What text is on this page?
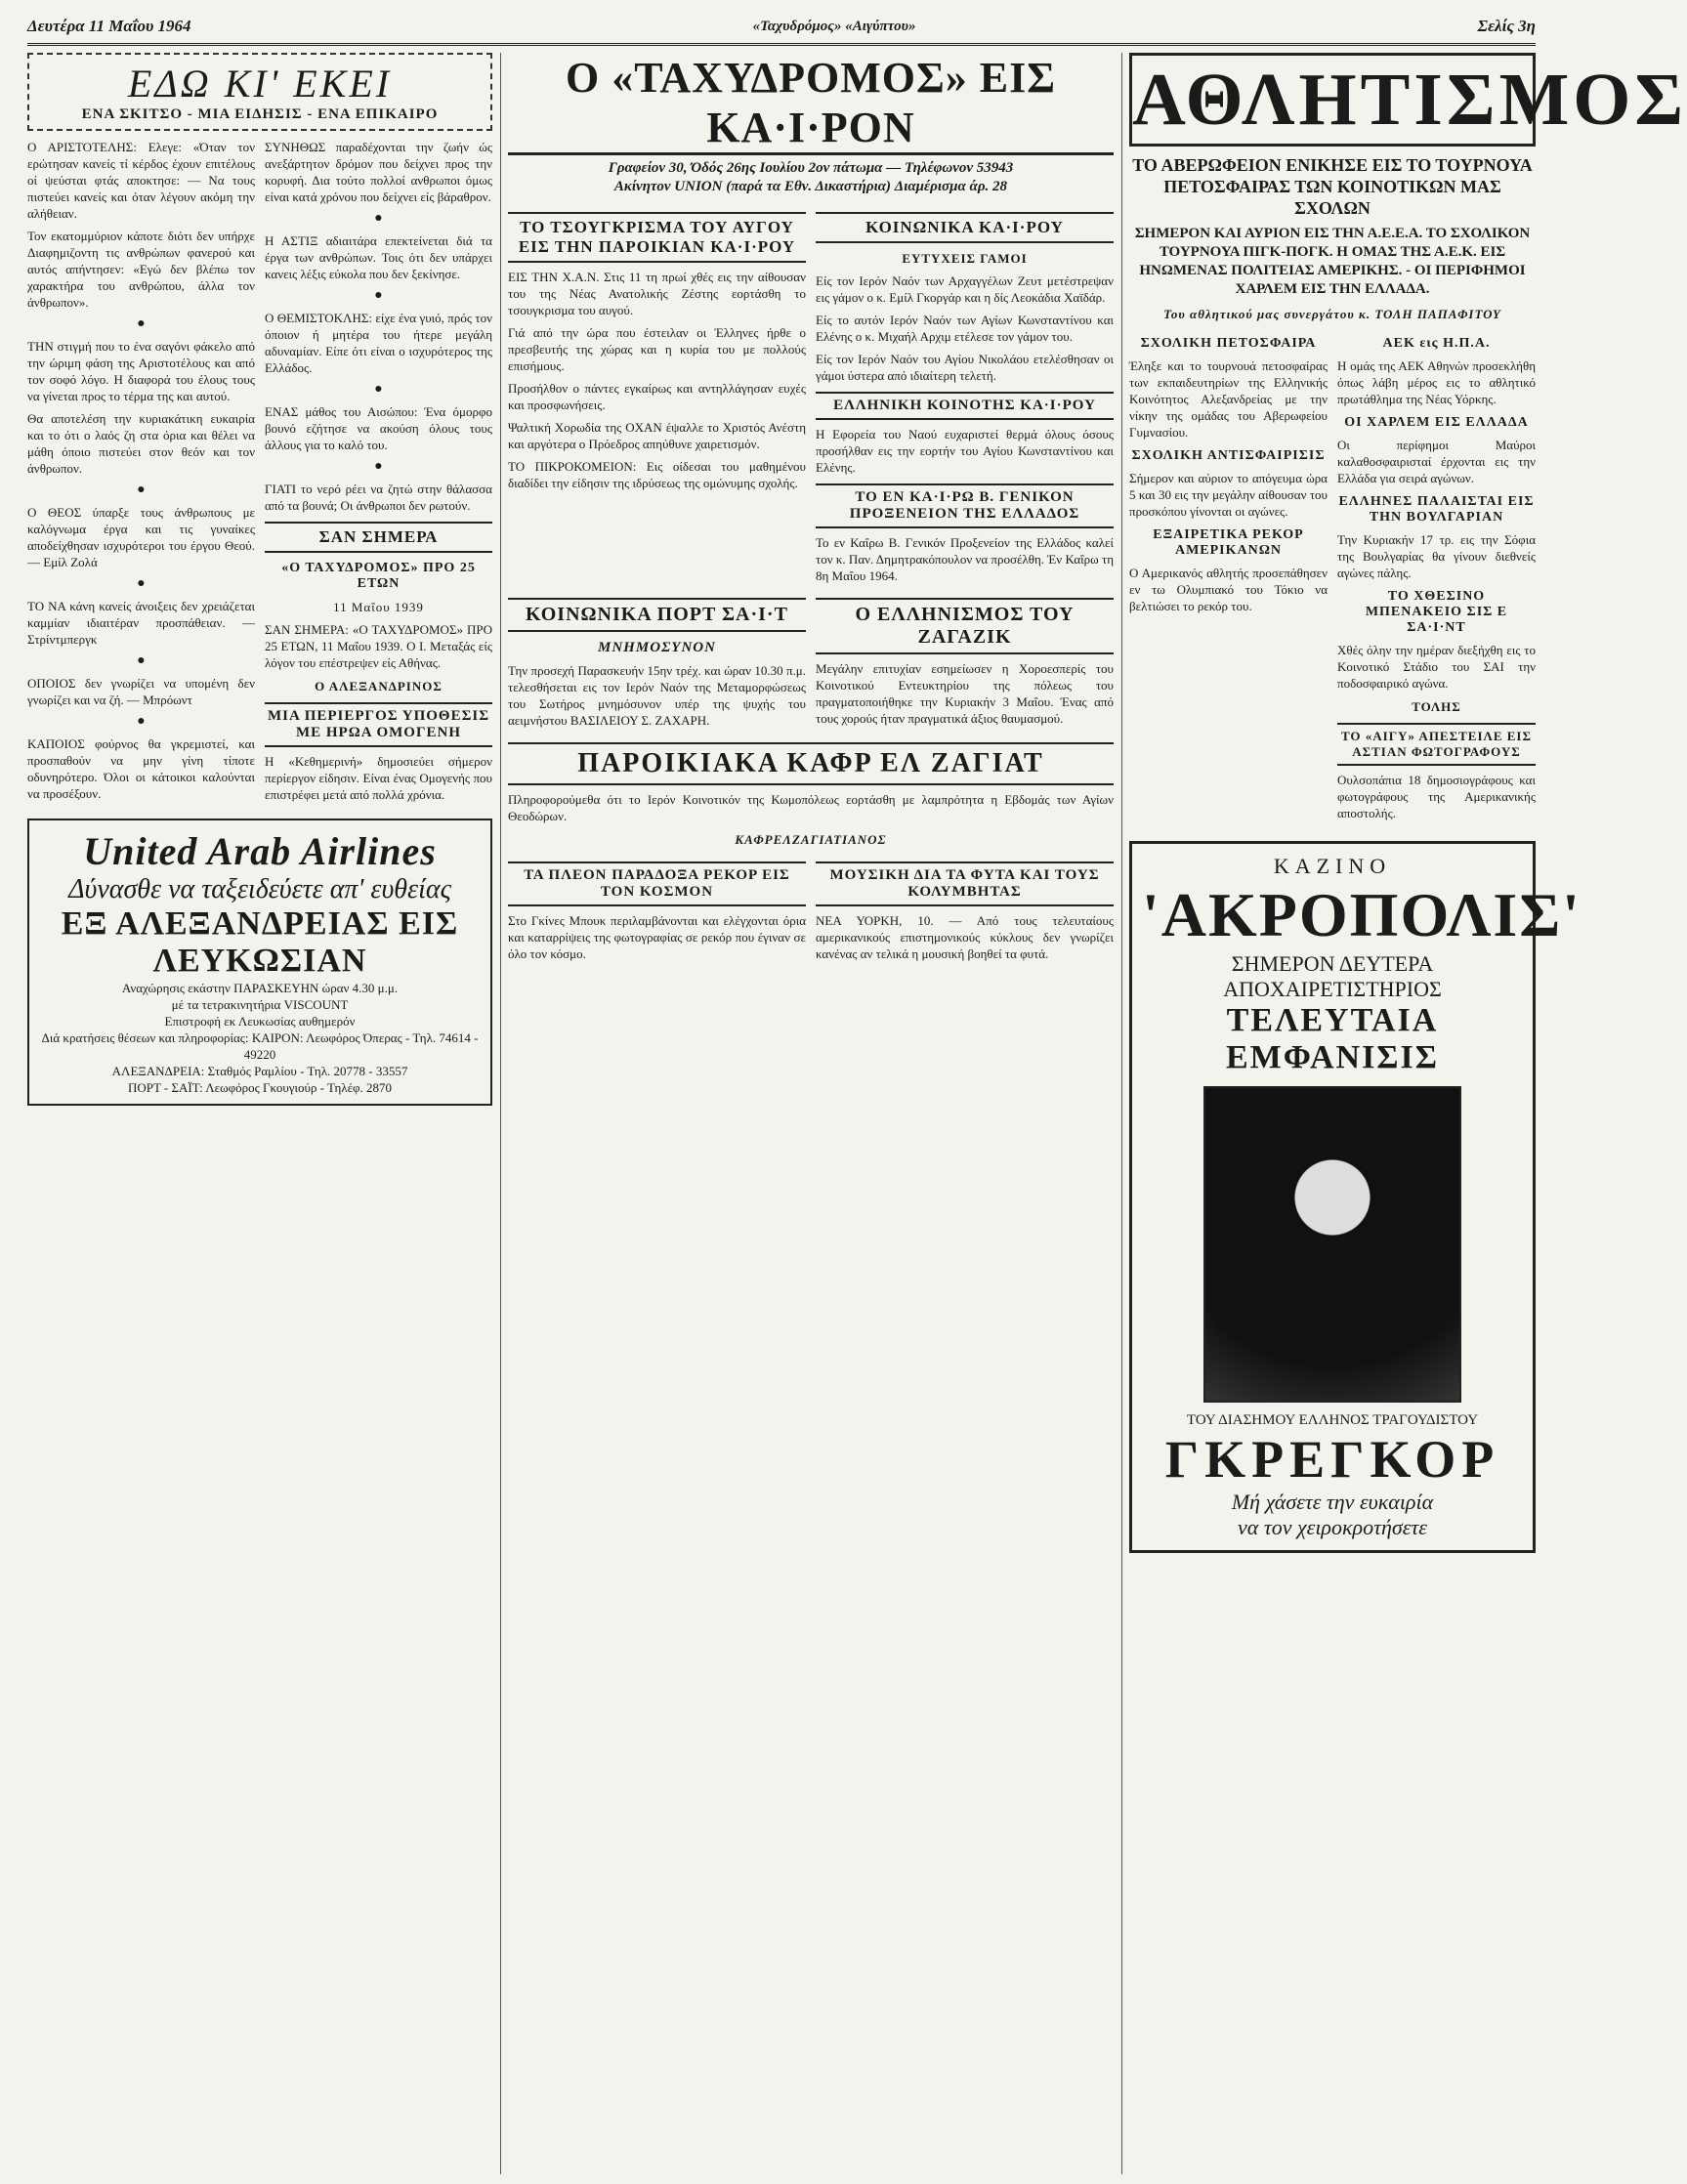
Δευτέρα 11 Μαΐου 1964	«Ταχυδρόμος» «Αιγύπτου»	Σελίς 3η
ΕΔΩ ΚΙ' ΕΚΕΙ
ΕΝΑ ΣΚΙΤΣΟ - ΜΙΑ ΕΙΔΗΣΙΣ - ΕΝΑ ΕΠΙΚΑΙΡΟ

Ο ΑΡΙΣΤΟΤΕΛΗΣ: Ελεγε: «Όταν τον ερώτησαν κανείς τί κέρδος έχουν επιτέλους οί ψεύσται φτάς αποκτησε: — Να τους πιστεύει κανείς και όταν λέγουν ακόμη την αλήθειαν.

Τον εκατομμύριον κάποτε διότι δεν υπήρχε Διαφημιζοντη τις ανθρώπων φανερού και αυτός απήντησεν: «Εγώ δεν βλέπω τον χαρακτήρα του ανθρώπου, άλλα τον άνθρωπον».

●

ΤΗΝ στιγμή που το ένα σαγόνι φάκελο από την ώριμη φάση της Αριστοτέλους και από τον σοφό λόγο. Η διαφορά του έλους τους να γίνεται προς το τέρμα της και αυτού.

Θα αποτελέση την κυριακάτικη ευκαιρία και το ότι ο λαός ζη στα όρια και θέλει να μάθη όποιο πιστεύει στον θεόν και τον άνθρωπον.

●

Ο ΘΕΟΣ ύπαρξε τους άνθρωπους με καλόγνωμα έργα και τις γυναίκες αποδείχθησαν ισχυρότεροι του έργου Θεού. — Εμίλ Ζολά

●

ΤΟ ΝΑ κάνη κανείς άνοιξεις δεν χρειάζεται καμμίαν ιδιαιτέραν προσπάθειαν. — Στρίντμπεργκ

●

ΟΠΟΙΟΣ δεν γνωρίζει να υπομένη δεν γνωρίζει και να ζή. — Μπρόωντ

●

ΚΑΠΟΙΟΣ φούρνος θα γκρεμιστεί, και προσπαθούν να μην γίνη τίποτε οδυνηρότερο. Όλοι οι κάτοικοι καλούνται να προσέξουν.

ΣΥΝΗΘΩΣ παραδέχονται την ζωήν ώς ανεξάρτητον δρόμον που δείχνει προς την κορυφή. Δια τούτο πολλοί ανθρωποι όμως είναι κατά χρόνου που δείχνει είς βάραθρον.

●

Η ΑΣΤΙΞ αδιαιτάρα επεκτείνεται διά τα έργα των ανθρώπων. Τοις ότι δεν υπάρχει κανεις λέξις εύκολα που δεν ξεκίνησε.

●

Ο ΘΕΜΙΣΤΟΚΛΗΣ: είχε ένα γυιό, πρός τον όποιον ή μητέρα του ήτερε μεγάλη αδυναμίαν. Είπε ότι είναι ο ισχυρότερος της Ελλάδος.

●

ΕΝΑΣ μάθος του Αισώπου: Ένα όμορφο βουνό εζήτησε να ακούση όλους τους άλλους για το καλό του.

●

ΓΙΑΤΙ το νερό ρέει να ζητώ στην θάλασσα από τα βουνά; Οι άνθρωποι δεν ρωτούν.

ΣΑΝ ΣΗΜΕΡΑ
«Ο ΤΑΧΥΔΡΟΜΟΣ» ΠΡΟ 25 ΕΤΩΝ
11 Μαΐου 1939

ΣΑΝ ΣΗΜΕΡΑ: «Ο ΤΑΧΥΔΡΟΜΟΣ» ΠΡΟ 25 ΕΤΩΝ, 11 Μαΐου 1939. Ο Ι. Μεταξάς είς λόγον του επέστρεψεν είς Αθήνας.

Ο ΑΛΕΞΑΝΔΡΙΝΟΣ
ΜΙΑ ΠΕΡΙΕΡΓΟΣ ΥΠΟΘΕΣΙΣ ΜΕ ΗΡΩΑ ΟΜΟΓΕΝΗ

Η «Κεθημερινή» δημοσιεύει σήμερον περίεργον είδησιν. Είναι ένας Ομογενής που επιστρέφει μετά από πολλά χρόνια.

United Arab Airlines
Δύνασθε να ταξειδεύετε απ' ευθείας
ΕΞ ΑΛΕΞΑΝΔΡΕΙΑΣ ΕΙΣ ΛΕΥΚΩΣΙΑΝ
Αναχώρησις εκάστην ΠΑΡΑΣΚΕΥΗΝ ώραν 4.30 μ.μ.
μέ τα τετρακινητήρια VISCOUNT
Επιστροφή εκ Λευκωσίας αυθημερόν
Διά κρατήσεις θέσεων και πληροφορίας: ΚΑΙΡΟΝ: Λεωφόρος Όπερας - Τηλ. 74614 - 49220
ΑΛΕΞΑΝΔΡΕΙΑ: Σταθμός Ραμλίου - Τηλ. 20778 - 33557
ΠΟΡΤ - ΣΑΪΤ: Λεωφόρος Γκουγιούρ - Τηλέφ. 2870
Ο «ΤΑΧΥΔΡΟΜΟΣ» ΕΙΣ ΚΑ·Ι·ΡΟΝ
Γραφείον 30, Όδός 26ης Ιουλίου 2ον πάτωμα — Τηλέφωνον 53943
Ακίνητον UNION (παρά τα Εθν. Δικαστήρια) Διαμέρισμα άρ. 28
ΤΟ ΤΣΟΥΓΚΡΙΣΜΑ ΤΟΥ ΑΥΓΟΥ ΕΙΣ ΤΗΝ ΠΑΡΟΙΚΙΑΝ ΚΑ·Ι·ΡΟΥ

ΕΙΣ ΤΗΝ Χ.Α.Ν. Στις 11 τη πρωί χθές εις την αίθουσαν του της Νέας Ανατολικής Ζέστης εορτάσθη το τσουγκρισμα του αυγού.

Γιά από την ώρα που έστειλαν οι Έλληνες ήρθε ο πρεσβευτής της χώρας και η κυρία του με πολλούς επισήμους.

Προσήλθον ο πάντες εγκαίρως και αντηλλάγησαν ευχές και προσφωνήσεις.

Ψαλτική Χορωδία της ΟΧΑΝ έψαλλε το Χριστός Ανέστη και αργότερα ο Πρόεδρος απηύθυνε χαιρετισμόν.

ΤΟ ΠΙΚΡΟΚΟΜΕΙΟΝ: Εις οίδεσαι του μαθημένου διαδίδει την είδησιν της ιδρύσεως της ομώνυμης σχολής.

ΚΟΙΝΩΝΙΚΑ ΚΑ·Ι·ΡΟΥ
ΕΥΤΥΧΕΙΣ ΓΑΜΟΙ

Είς τον Ιερόν Ναόν των Αρχαγγέλων Ζευτ μετέστρεψαν εις γάμον ο κ. Εμίλ Γκοργάρ και η δίς Λεοκάδια Χαϊδάρ.

Είς το αυτόν Ιερόν Ναόν των Αγίων Κωνσταντίνου και Ελένης ο κ. Μιχαήλ Αρχιμ ετέλεσε τον γάμον του.

Είς τον Ιερόν Ναόν του Αγίου Νικολάου ετελέσθησαν οι γάμοι ύστερα από ιδιαίτερη τελετή.

ΕΛΛΗΝΙΚΗ ΚΟΙΝΟΤΗΣ ΚΑ·Ι·ΡΟΥ

Η Εφορεία του Ναού ευχαριστεί θερμά όλους όσους προσήλθαν εις την εορτήν του Αγίου Κωνσταντίνου και Ελένης.

ΤΟ ΕΝ ΚΑ·Ι·ΡΩ Β. ΓΕΝΙΚΟΝ ΠΡΟΞΕΝΕΙΟΝ ΤΗΣ ΕΛΛΑΔΟΣ

Το εν Καΐρω Β. Γενικόν Προξενείον της Ελλάδος καλεί τον κ. Παν. Δημητρακόπουλον να προσέλθη. Έν Καΐρω τη 8η Μαΐου 1964.

ΚΟΙΝΩΝΙΚΑ ΠΟΡΤ ΣΑ·Ι·Τ
ΜΝΗΜΟΣΥΝΟΝ

Την προσεχή Παρασκευήν 15ην τρέχ. και ώραν 10.30 π.μ. τελεσθήσεται εις τον Ιερόν Ναόν της Μεταμορφώσεως του Σωτήρος μνημόσυνον υπέρ της ψυχής του αειμνήστου ΒΑΣΙΛΕΙΟΥ Σ. ΖΑΧΑΡΗ.

Ο ΕΛΛΗΝΙΣΜΟΣ ΤΟΥ ΖΑΓΑΖΙΚ

Μεγάλην επιτυχίαν εσημείωσεν η Χοροεσπερίς του Κοινοτικού Εντευκτηρίου της πόλεως του πραγματοποιήθηκε την Κυριακήν 3 Μαΐου. Ένας από τους χορούς ήταν πραγματικά άξιος θαυμασμού.

ΠΑΡΟΙΚΙΑΚΑ ΚΑΦΡ ΕΛ ΖΑΓΙΑΤ

Πληροφορούμεθα ότι το Ιερόν Κοινοτικόν της Κωμοπόλεως εορτάσθη με λαμπρότητα η Εβδομάς των Αγίων Θεοδώρων.

ΚΑΦΡΕΛΖΑΓΙΑΤΙΑΝΟΣ
ΤΑ ΠΛΕΟΝ ΠΑΡΑΔΟΞΑ ΡΕΚΟΡ ΕΙΣ ΤΟΝ ΚΟΣΜΟΝ

Στο Γκίνες Μπουκ περιλαμβάνονται και ελέγχονται όρια και καταρρίψεις της φωτογραφίας σε ρεκόρ που έγιναν σε όλο τον κόσμο.

ΜΟΥΣΙΚΗ ΔΙΑ ΤΑ ΦΥΤΑ ΚΑΙ ΤΟΥΣ ΚΟΛΥΜΒΗΤΑΣ

ΝΕΑ ΥΟΡΚΗ, 10. — Από τους τελευταίους αμερικανικούς επιστημονικούς κύκλους δεν γνωρίζει κανένας αν τελικά η μουσική βοηθεί τα φυτά.

ΑΘΛΗΤΙΣΜΟΣ
ΤΟ ΑΒΕΡΩΦΕΙΟΝ ΕΝΙΚΗΣΕ ΕΙΣ ΤΟ ΤΟΥΡΝΟΥΑ ΠΕΤΟΣΦΑΙΡΑΣ ΤΩΝ ΚΟΙΝΟΤΙΚΩΝ ΜΑΣ ΣΧΟΛΩΝ
ΣΗΜΕΡΟΝ ΚΑΙ ΑΥΡΙΟΝ ΕΙΣ ΤΗΝ Α.Ε.Ε.Α. ΤΟ ΣΧΟΛΙΚΟΝ ΤΟΥΡΝΟΥΑ ΠΙΓΚ-ΠΟΓΚ. Η ΟΜΑΣ ΤΗΣ Α.Ε.Κ. ΕΙΣ ΗΝΩΜΕΝΑΣ ΠΟΛΙΤΕΙΑΣ ΑΜΕΡΙΚΗΣ. - ΟΙ ΠΕΡΙΦΗΜΟΙ ΧΑΡΛΕΜ ΕΙΣ ΤΗΝ ΕΛΛΑΔΑ.
Του αθλητικού μας συνεργάτου κ. ΤΟΛΗ ΠΑΠΑΦΙΤΟΥ
ΣΧΟΛΙΚΗ ΠΕΤΟΣΦΑΙΡΑ

Έληξε και το τουρνουά πετοσφαίρας των εκπαιδευτηρίων της Ελληνικής Κοινότητος Αλεξανδρείας με την νίκην της ομάδας του Αβερωφείου Γυμνασίου.

ΣΧΟΛΙΚΗ ΑΝΤΙΣΦΑΙΡΙΣΙΣ

Σήμερον και αύριον το απόγευμα ώρα 5 και 30 εις την μεγάλην αίθουσαν του προσκόπου γίνονται οι αγώνες.

ΕΞΑΙΡΕΤΙΚΑ ΡΕΚΟΡ ΑΜΕΡΙΚΑΝΩΝ

Ο Αμερικανός αθλητής προσεπάθησεν εν τω Ολυμπιακό του Τόκιο να βελτιώσει το ρεκόρ του.

ΑΕΚ εις Η.Π.Α.

Η ομάς της ΑΕΚ Αθηνών προσεκλήθη όπως λάβη μέρος εις το αθλητικό πρωτάθλημα της Νέας Υόρκης.

ΟΙ ΧΑΡΛΕΜ ΕΙΣ ΕΛΛΑΔΑ

Οι περίφημοι Μαύροι καλαθοσφαιρισταί έρχονται εις την Ελλάδα για σειρά αγώνων.

ΕΛΛΗΝΕΣ ΠΑΛΑΙΣΤΑΙ ΕΙΣ ΤΗΝ ΒΟΥΛΓΑΡΙΑΝ

Την Κυριακήν 17 τρ. εις την Σόφια της Βουλγαρίας θα γίνουν διεθνείς αγώνες πάλης.

ΤΟ ΧΘΕΣΙΝΟ ΜΠΕΝΑΚΕΙΟ ΣΙΣ Ε ΣΑ·Ι·ΝΤ

Χθές όλην την ημέραν διεξήχθη εις το Κοινοτικό Στάδιο του ΣΑΙ την ποδοσφαιρικό αγώνα.

ΤΟΛΗΣ
ΤΟ «ΑΙΓΥ» ΑΠΕΣΤΕΙΛΕ ΕΙΣ ΑΣΤΙΑΝ ΦΩΤΟΓΡΑΦΟΥΣ

Ουλσοπάπια 18 δημοσιογράφους και φωτογράφους της Αμερικανικής αποστολής.

ΚΑΖΙΝΟ
'ΑΚΡΟΠΟΛΙΣ'
ΣΗΜΕΡΟΝ ΔΕΥΤΕΡΑ
ΑΠΟΧΑΙΡΕΤΙΣΤΗΡΙΟΣ
ΤΕΛΕΥΤΑΙΑ ΕΜΦΑΝΙΣΙΣ
ΤΟΥ ΔΙΑΣΗΜΟΥ ΕΛΛΗΝΟΣ ΤΡΑΓΟΥΔΙΣΤΟΥ
ΓΚΡΕΓΚΟΡ
Μή χάσετε την ευκαιρία
να τον χειροκροτήσετε
